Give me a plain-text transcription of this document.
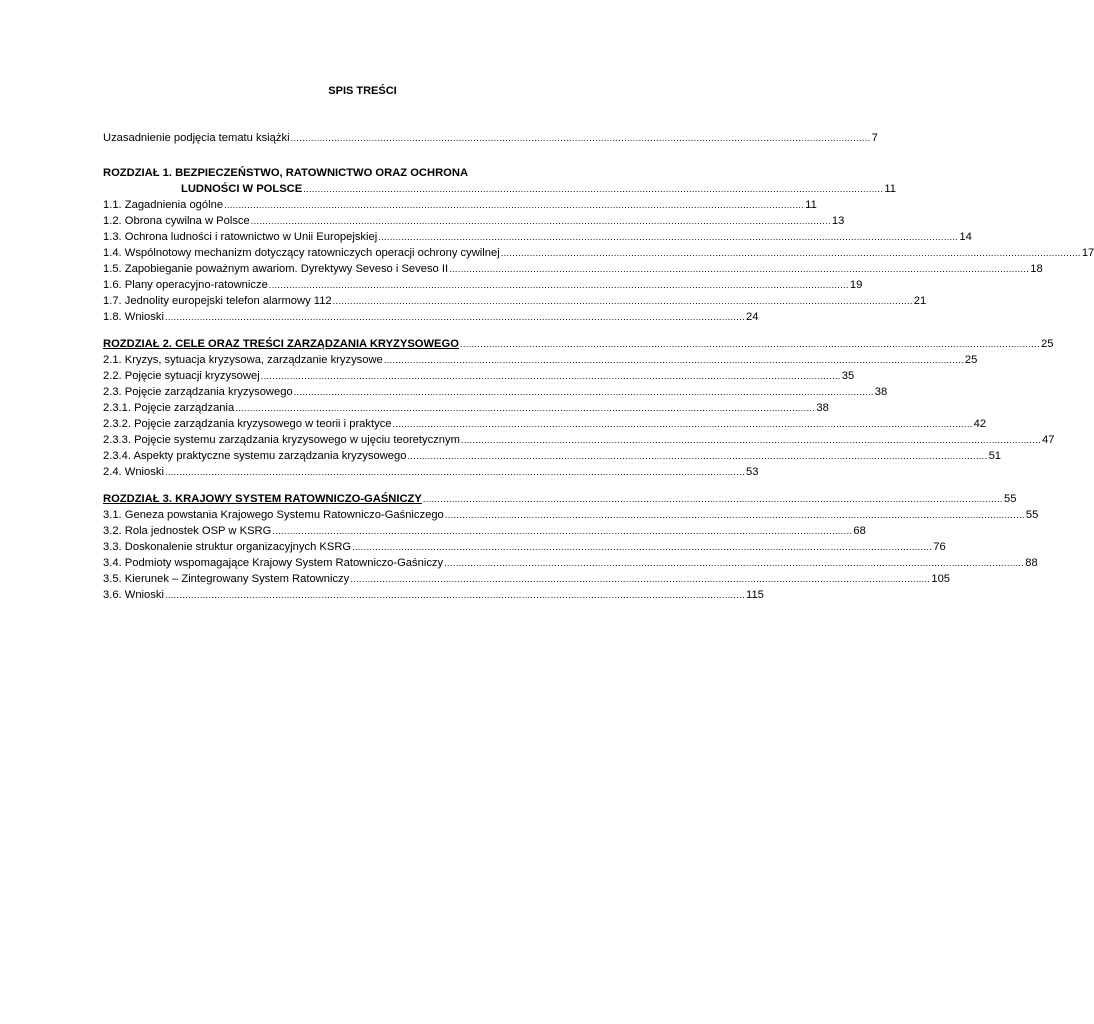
SPIS TREŚCI
Uzasadnienie podjęcia tematu książki ........................................................................................................................................................................................................ 7
ROZDZIAŁ 1. BEZPIECZEŃSTWO, RATOWNICTWO ORAZ OCHRONA
LUDNOŚCI W POLSCE ........................................................................................................................................................................................................ 11
1.1. Zagadnienia ogólne ........................................................................................................................................................................................................ 11
1.2. Obrona cywilna w Polsce ........................................................................................................................................................................................................ 13
1.3. Ochrona ludności i ratownictwo w Unii Europejskiej ........................................................................................................................................................................................................ 14
1.4. Wspólnotowy mechanizm dotyczący ratowniczych operacji ochrony cywilnej ........................................................................................................................................................................................................ 17
1.5. Zapobieganie poważnym awariom. Dyrektywy Seveso i Seveso II ........................................................................................................................................................................................................ 18
1.6. Plany operacyjno-ratownicze ........................................................................................................................................................................................................ 19
1.7. Jednolity europejski telefon alarmowy 112 ........................................................................................................................................................................................................ 21
1.8. Wnioski ........................................................................................................................................................................................................ 24
ROZDZIAŁ 2. CELE ORAZ TREŚCI ZARZĄDZANIA KRYZYSOWEGO ........................................................................................................................................................................................................ 25
2.1. Kryzys, sytuacja kryzysowa, zarządzanie kryzysowe ........................................................................................................................................................................................................ 25
2.2. Pojęcie sytuacji kryzysowej ........................................................................................................................................................................................................ 35
2.3. Pojęcie zarządzania kryzysowego ........................................................................................................................................................................................................ 38
2.3.1. Pojęcie zarządzania ........................................................................................................................................................................................................ 38
2.3.2. Pojęcie zarządzania kryzysowego w teorii i praktyce ........................................................................................................................................................................................................ 42
2.3.3. Pojęcie systemu zarządzania kryzysowego w ujęciu teoretycznym ........................................................................................................................................................................................................ 47
2.3.4. Aspekty praktyczne systemu zarządzania kryzysowego ........................................................................................................................................................................................................ 51
2.4. Wnioski ........................................................................................................................................................................................................ 53
ROZDZIAŁ 3. KRAJOWY SYSTEM RATOWNICZO-GAŚNICZY ........................................................................................................................................................................................................ 55
3.1. Geneza powstania Krajowego Systemu Ratowniczo-Gaśniczego ........................................................................................................................................................................................................ 55
3.2. Rola jednostek OSP w KSRG ........................................................................................................................................................................................................ 68
3.3. Doskonalenie struktur organizacyjnych KSRG ........................................................................................................................................................................................................ 76
3.4. Podmioty wspomagające Krajowy System Ratowniczo-Gaśniczy ........................................................................................................................................................................................................ 88
3.5. Kierunek – Zintegrowany System Ratowniczy ........................................................................................................................................................................................................ 105
3.6. Wnioski ........................................................................................................................................................................................................ 115
